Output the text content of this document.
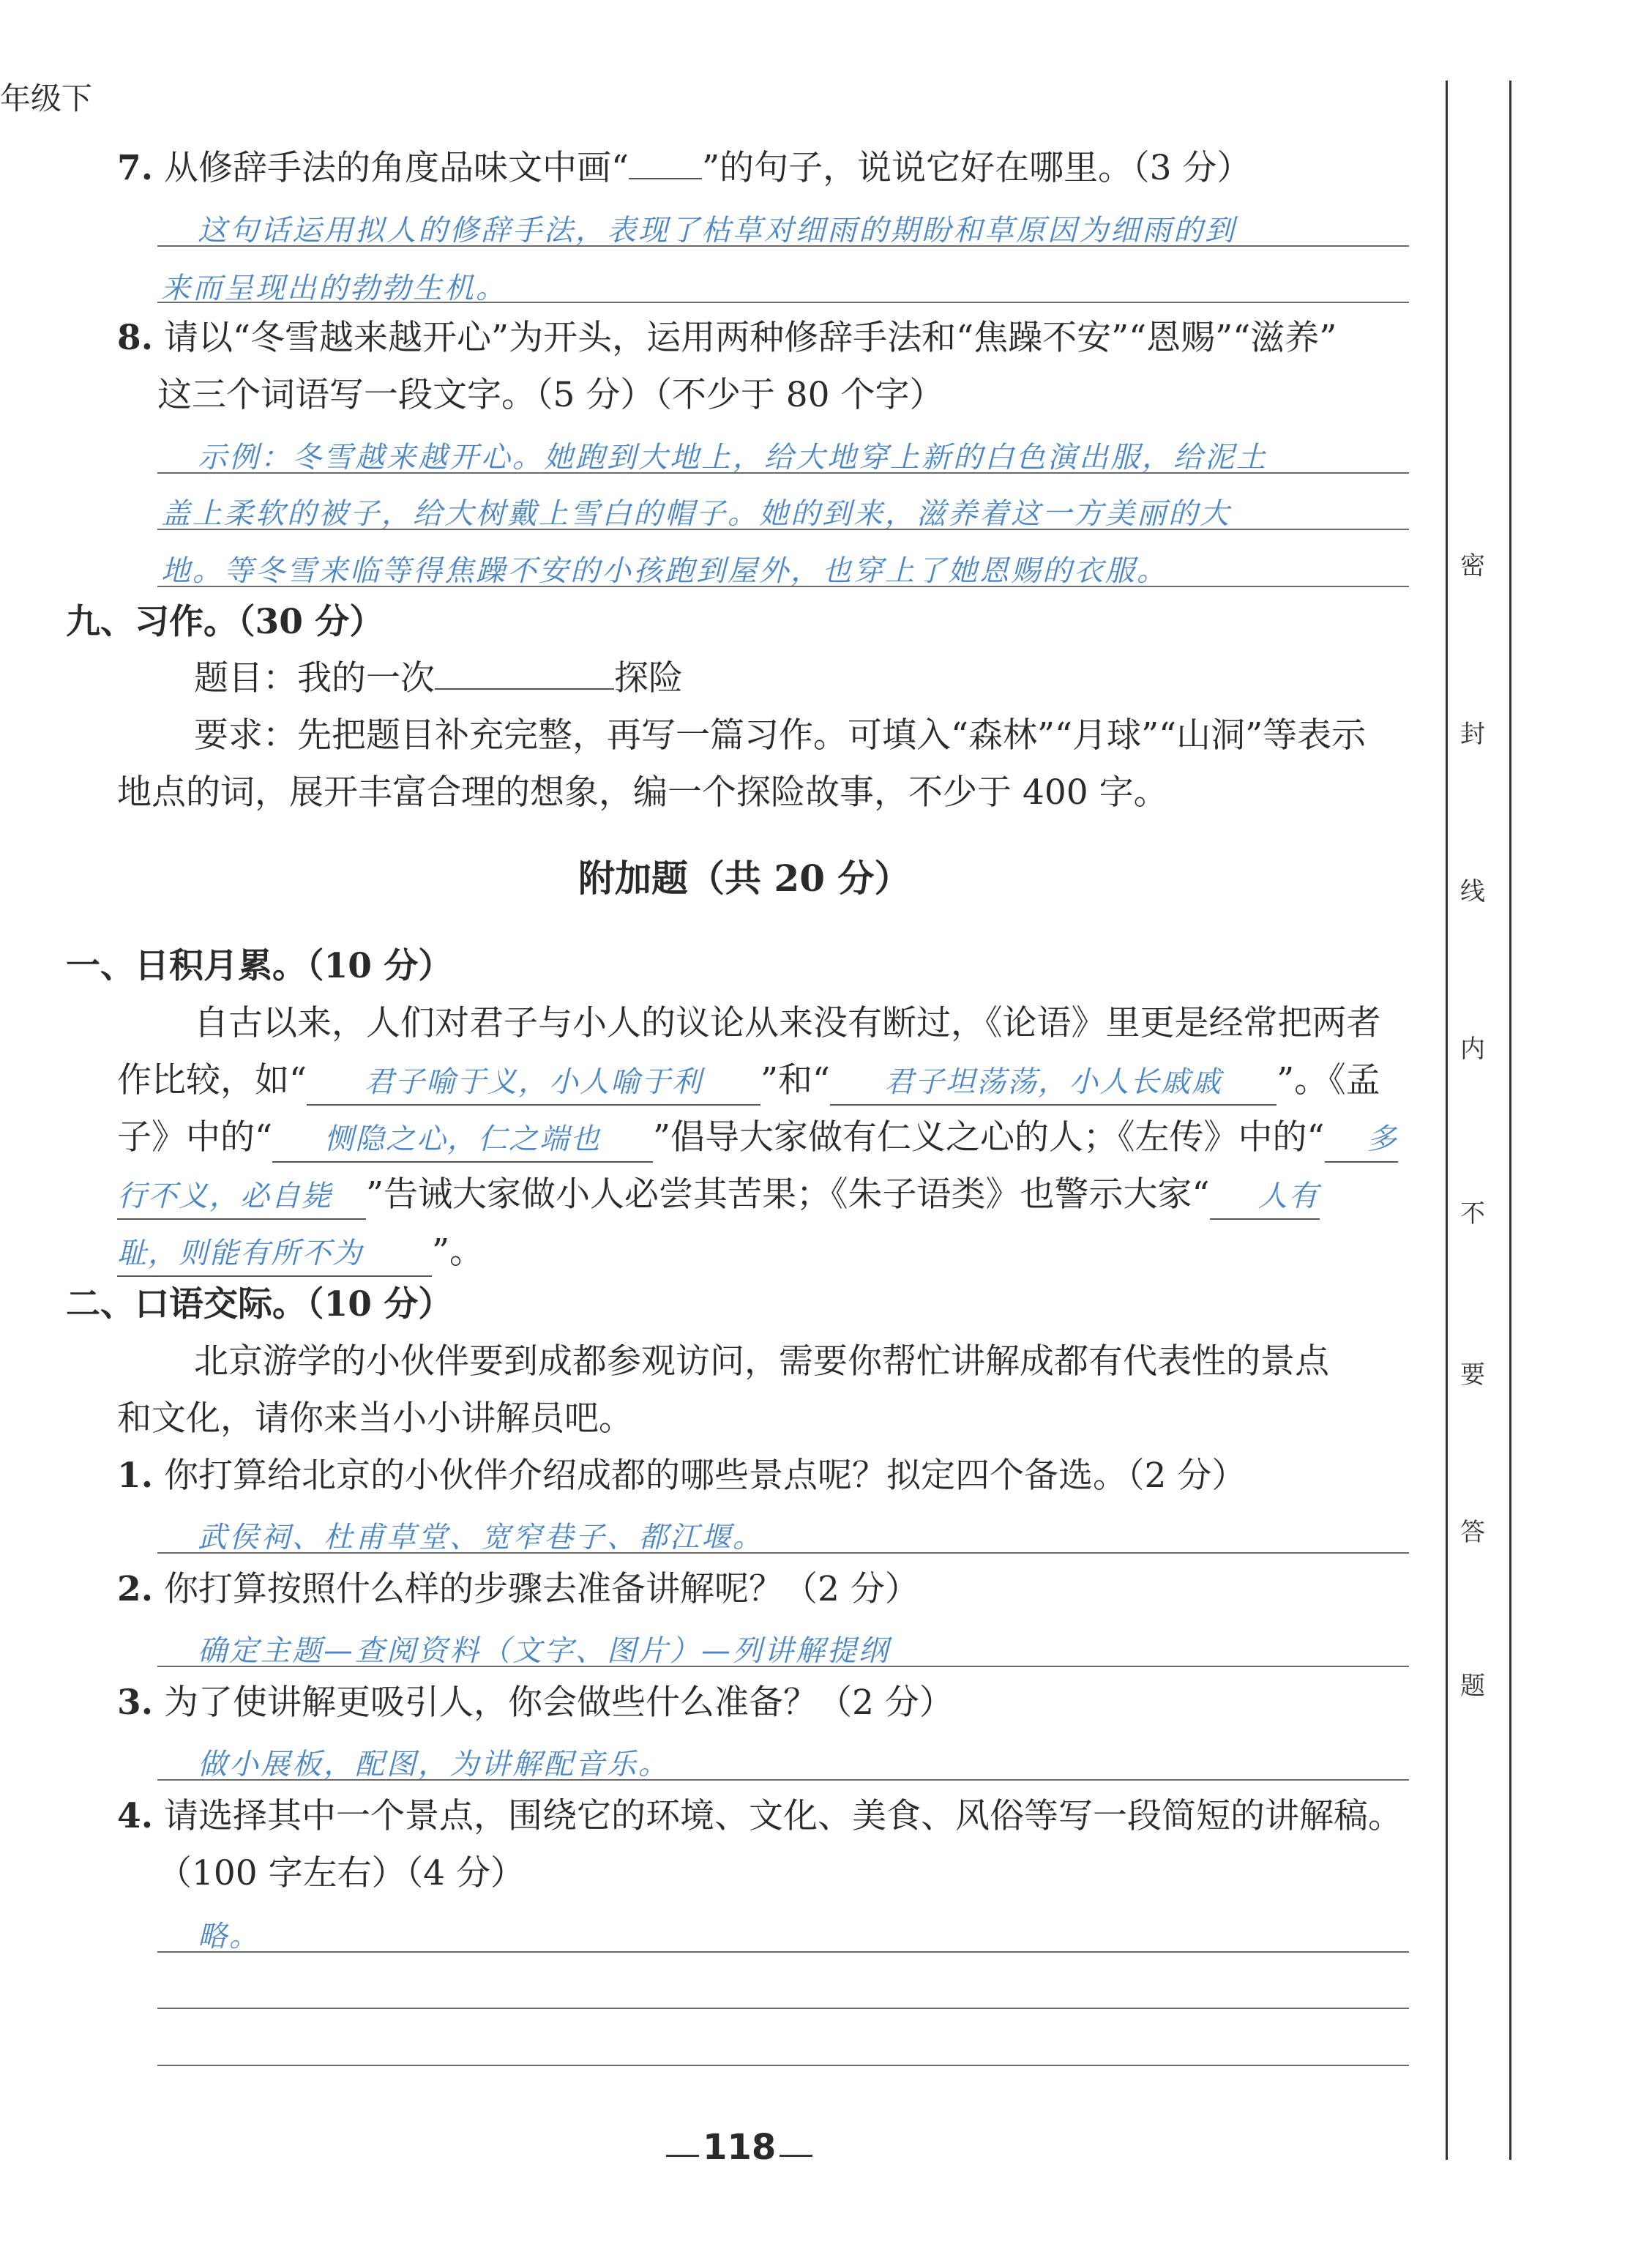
年级下
密
封
线
内
不
要
答
题
7. 从修辞手法的角度品味文中画“ ”的句子，说说它好在哪里。（3 分）
这句话运用拟人的修辞手法，表现了枯草对细雨的期盼和草原因为细雨的到
来而呈现出的勃勃生机。
8. 请以“冬雪越来越开心”为开头，运用两种修辞手法和“焦躁不安”“恩赐”“滋养”
这三个词语写一段文字。（5 分）（不少于 80 个字）
示例：冬雪越来越开心。她跑到大地上，给大地穿上新的白色演出服，给泥土
盖上柔软的被子，给大树戴上雪白的帽子。她的到来，滋养着这一方美丽的大
地。等冬雪来临等得焦躁不安的小孩跑到屋外，也穿上了她恩赐的衣服。
九、习作。（30 分）
题目：我的一次	探险
要求：先把题目补充完整，再写一篇习作。可填入“森林”“月球”“山洞”等表示
地点的词，展开丰富合理的想象，编一个探险故事，不少于 400 字。
附加题（共 20 分）
一、日积月累。（10 分）
自古以来，人们对君子与小人的议论从来没有断过，《论语》里更是经常把两者
作比较，如“ 君子喻于义，小人喻于利 ”和“ 君子坦荡荡，小人长戚戚 ”。《孟
子》中的“ 恻隐之心，仁之端也 ”倡导大家做有仁义之心的人；《左传》中的“ 多
行不义，必自毙 ”告诫大家做小人必尝其苦果；《朱子语类》也警示大家“ 人有
耻，则能有所不为 ”。
二、口语交际。（10 分）
北京游学的小伙伴要到成都参观访问，需要你帮忙讲解成都有代表性的景点
和文化，请你来当小小讲解员吧。
1. 你打算给北京的小伙伴介绍成都的哪些景点呢？拟定四个备选。（2 分）
武侯祠、杜甫草堂、宽窄巷子、都江堰。
2. 你打算按照什么样的步骤去准备讲解呢？（2 分）
确定主题—查阅资料（文字、图片）—列讲解提纲
3. 为了使讲解更吸引人，你会做些什么准备？（2 分）
做小展板，配图，为讲解配音乐。
4. 请选择其中一个景点，围绕它的环境、文化、美食、风俗等写一段简短的讲解稿。
（100 字左右）（4 分）
略。
118
